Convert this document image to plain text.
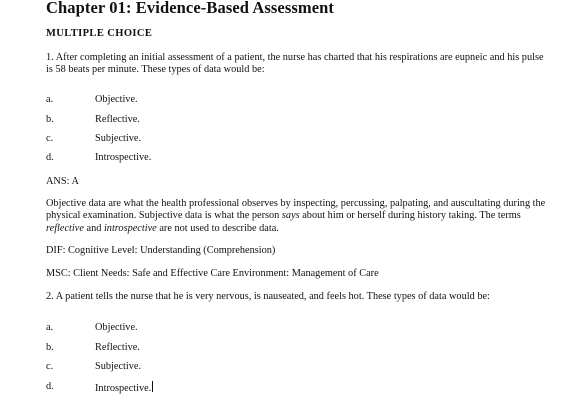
Chapter 01: Evidence-Based Assessment
MULTIPLE CHOICE
1. After completing an initial assessment of a patient, the nurse has charted that his respirations are eupneic and his pulse is 58 beats per minute. These types of data would be:
a.	Objective.
b.	Reflective.
c.	Subjective.
d.	Introspective.
ANS: A
Objective data are what the health professional observes by inspecting, percussing, palpating, and auscultating during the physical examination. Subjective data is what the person says about him or herself during history taking. The terms reflective and introspective are not used to describe data.
DIF: Cognitive Level: Understanding (Comprehension)
MSC: Client Needs: Safe and Effective Care Environment: Management of Care
2. A patient tells the nurse that he is very nervous, is nauseated, and feels hot. These types of data would be:
a.	Objective.
b.	Reflective.
c.	Subjective.
d.	Introspective.
